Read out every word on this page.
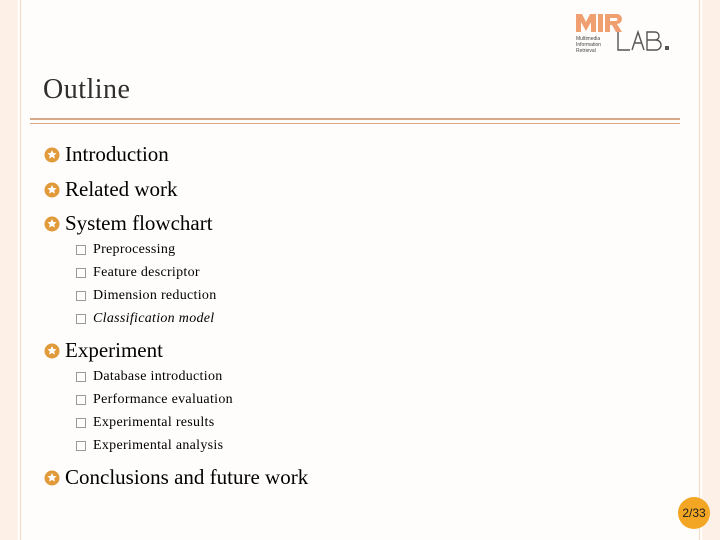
Multimedia
Information
Retrieval
Outline
Introduction
Related work
System flowchart
Preprocessing
Feature descriptor
Dimension reduction
Classification model
Experiment
Database introduction
Performance evaluation
Experimental results
Experimental analysis
Conclusions and future work
2/33
